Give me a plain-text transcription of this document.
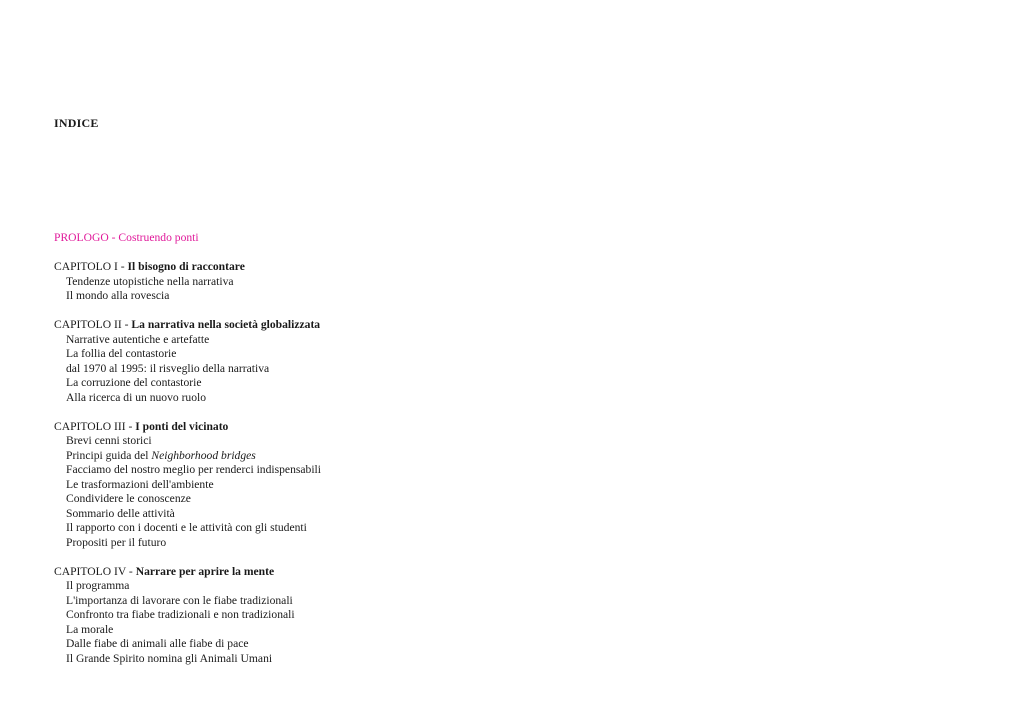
INDICE
PROLOGO - Costruendo ponti
CAPITOLO I - Il bisogno di raccontare
Tendenze utopistiche nella narrativa
Il mondo alla rovescia
CAPITOLO II - La narrativa nella società globalizzata
Narrative autentiche e artefatte
La follia del contastorie
dal 1970 al 1995: il risveglio della narrativa
La corruzione del contastorie
Alla ricerca di un nuovo ruolo
CAPITOLO III - I ponti del vicinato
Brevi cenni storici
Principi guida del Neighborhood bridges
Facciamo del nostro meglio per renderci indispensabili
Le trasformazioni dell'ambiente
Condividere le conoscenze
Sommario delle attività
Il rapporto con i docenti e le attività con gli studenti
Propositi per il futuro
CAPITOLO IV - Narrare per aprire la mente
Il programma
L'importanza di lavorare con le fiabe tradizionali
Confronto tra fiabe tradizionali e non tradizionali
La morale
Dalle fiabe di animali alle fiabe di pace
Il Grande Spirito nomina gli Animali Umani
